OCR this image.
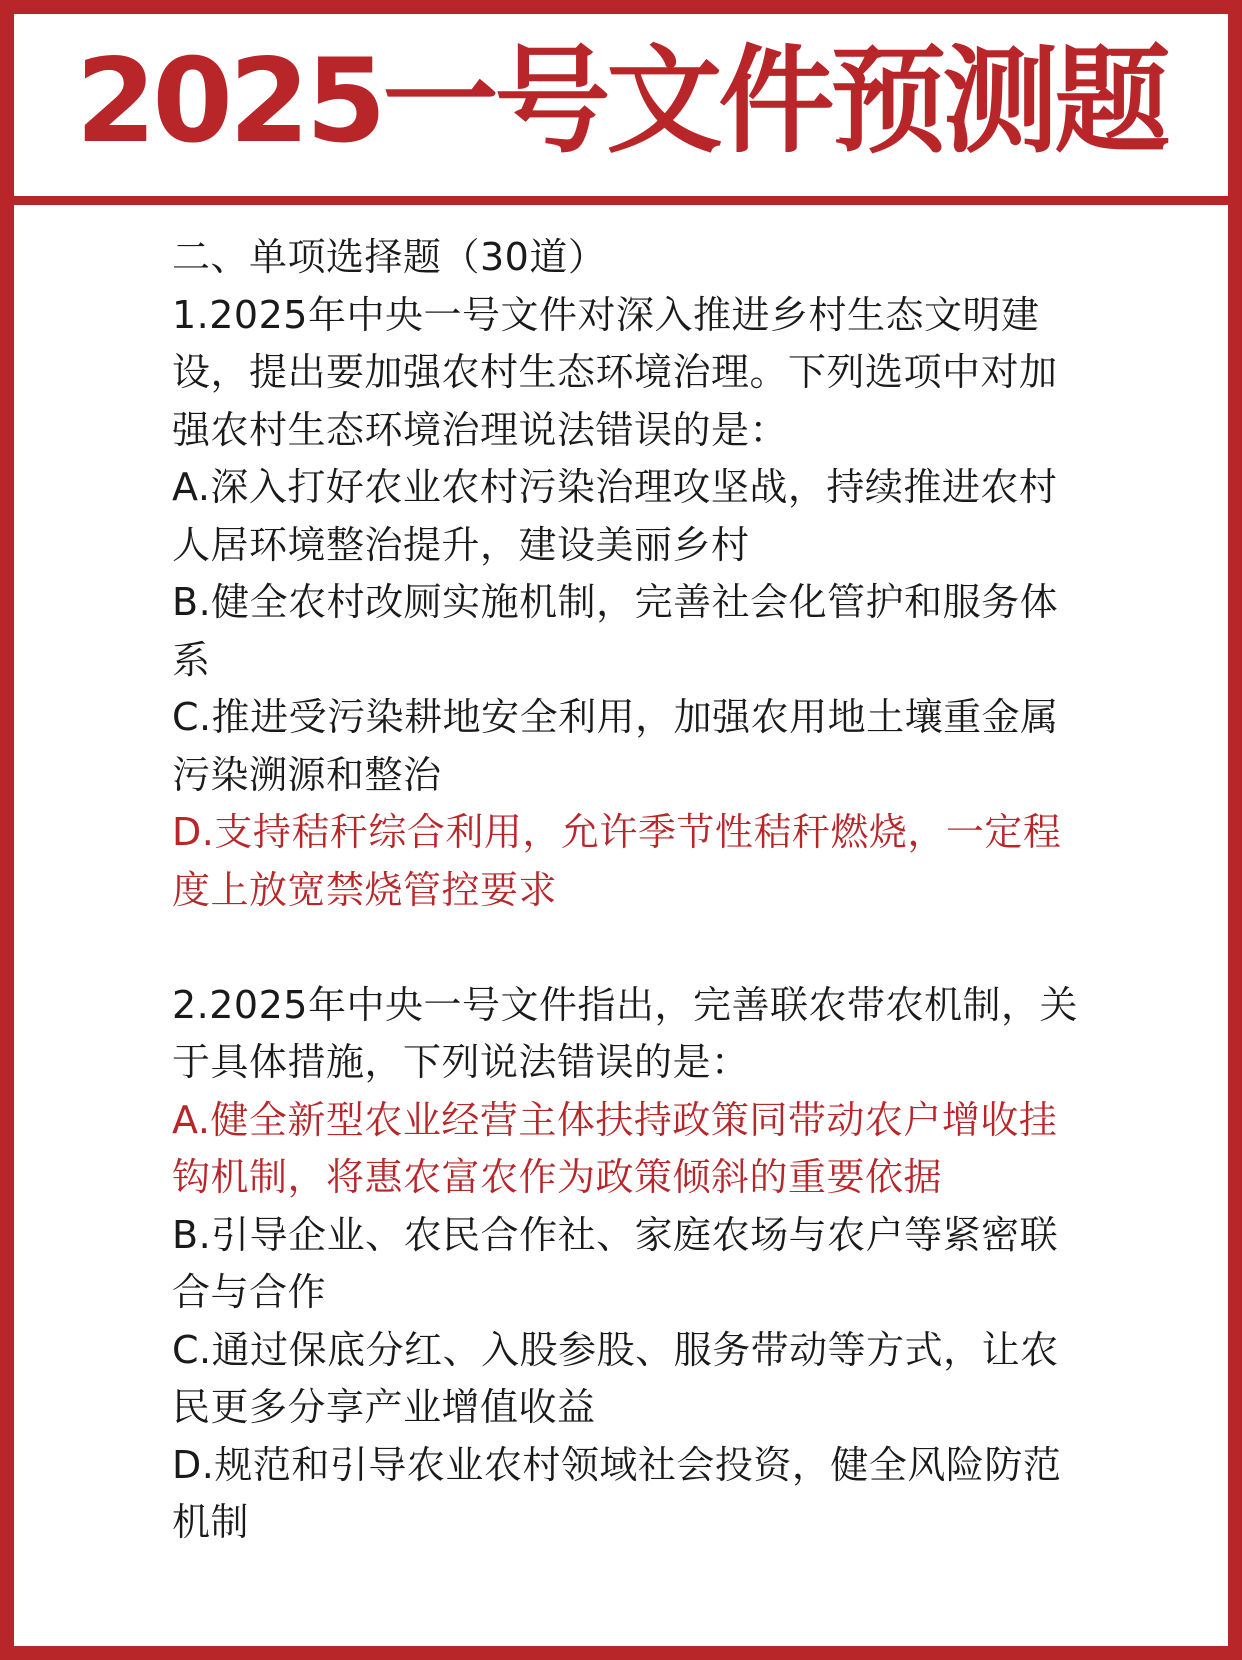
2025一号文件预测题

二、单项选择题（30道）

1.2025年中央一号文件对深入推进乡村生态文明建设，提出要加强农村生态环境治理。下列选项中对加强农村生态环境治理说法错误的是：

A.深入打好农业农村污染治理攻坚战，持续推进农村人居环境整治提升，建设美丽乡村

B.健全农村改厕实施机制，完善社会化管护和服务体系

C.推进受污染耕地安全利用，加强农用地土壤重金属污染溯源和整治

D.支持秸秆综合利用，允许季节性秸秆燃烧，一定程度上放宽禁烧管控要求

2.2025年中央一号文件指出，完善联农带农机制，关于具体措施，下列说法错误的是：

A.健全新型农业经营主体扶持政策同带动农户增收挂钩机制，将惠农富农作为政策倾斜的重要依据

B.引导企业、农民合作社、家庭农场与农户等紧密联合与合作

C.通过保底分红、入股参股、服务带动等方式，让农民更多分享产业增值收益

D.规范和引导农业农村领域社会投资，健全风险防范机制
